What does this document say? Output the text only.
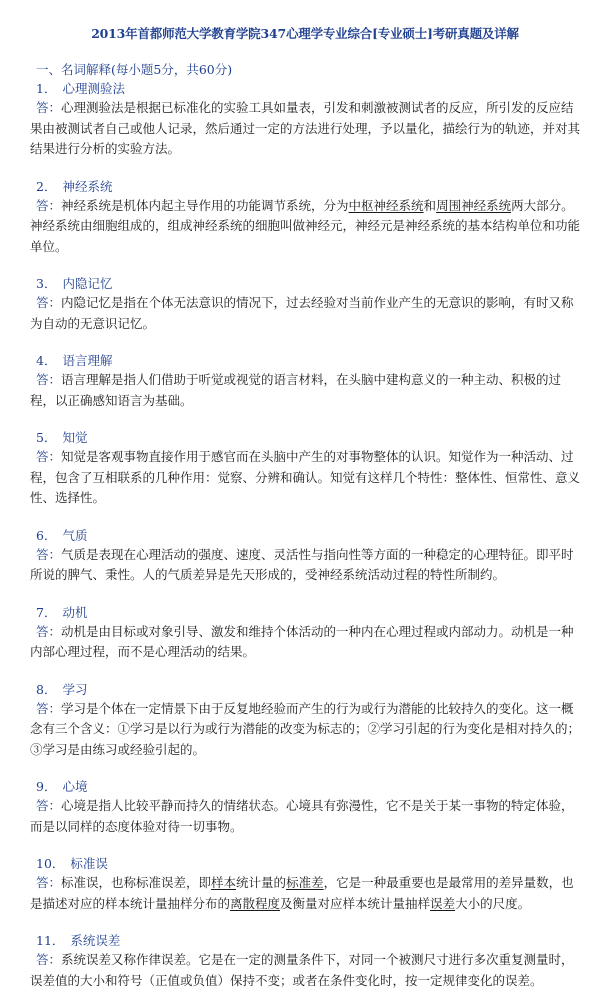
2013年首都师范大学教育学院347心理学专业综合[专业硕士]考研真题及详解
一、名词解释(每小题5分，共60分)
1． 心理测验法

答：心理测验法是根据已标准化的实验工具如量表，引发和刺激被测试者的反应，所引发的反应结果由被测试者自己或他人记录，然后通过一定的方法进行处理，予以量化，描绘行为的轨迹，并对其结果进行分析的实验方法。

2． 神经系统

答：神经系统是机体内起主导作用的功能调节系统，分为中枢神经系统和周围神经系统两大部分。神经系统由细胞组成的，组成神经系统的细胞叫做神经元，神经元是神经系统的基本结构单位和功能单位。

3． 内隐记忆

答：内隐记忆是指在个体无法意识的情况下，过去经验对当前作业产生的无意识的影响，有时又称为自动的无意识记忆。

4． 语言理解

答：语言理解是指人们借助于听觉或视觉的语言材料，在头脑中建构意义的一种主动、积极的过程，以正确感知语言为基础。

5． 知觉

答：知觉是客观事物直接作用于感官而在头脑中产生的对事物整体的认识。知觉作为一种活动、过程，包含了互相联系的几种作用：觉察、分辨和确认。知觉有这样几个特性：整体性、恒常性、意义性、选择性。

6． 气质

答：气质是表现在心理活动的强度、速度、灵活性与指向性等方面的一种稳定的心理特征。即平时所说的脾气、秉性。人的气质差异是先天形成的，受神经系统活动过程的特性所制约。

7． 动机

答：动机是由目标或对象引导、激发和维持个体活动的一种内在心理过程或内部动力。动机是一种内部心理过程，而不是心理活动的结果。

8． 学习

答：学习是个体在一定情景下由于反复地经验而产生的行为或行为潜能的比较持久的变化。这一概念有三个含义：①学习是以行为或行为潜能的改变为标志的；②学习引起的行为变化是相对持久的；③学习是由练习或经验引起的。

9． 心境

答：心境是指人比较平静而持久的情绪状态。心境具有弥漫性，它不是关于某一事物的特定体验，而是以同样的态度体验对待一切事物。

10． 标准误

答：标准误，也称标准误差，即样本统计量的标准差，它是一种最重要也是最常用的差异量数，也是描述对应的样本统计量抽样分布的离散程度及衡量对应样本统计量抽样误差大小的尺度。

11． 系统误差

答：系统误差又称作律误差。它是在一定的测量条件下，对同一个被测尺寸进行多次重复测量时，误差值的大小和符号（正值或负值）保持不变；或者在条件变化时，按一定规律变化的误差。
